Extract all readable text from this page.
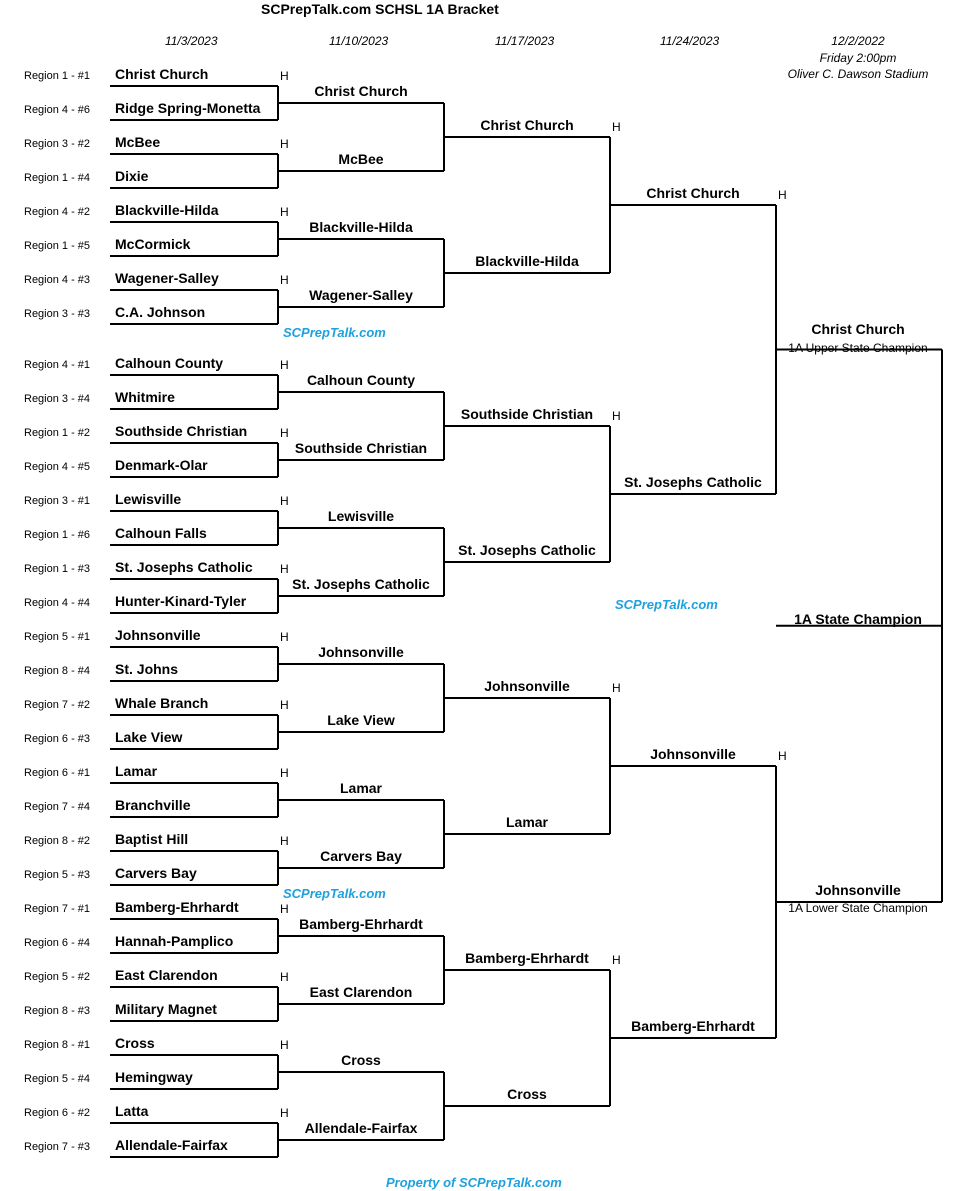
SCPrepTalk.com SCHSL 1A Bracket
11/3/2023	11/10/2023	11/17/2023	11/24/2023	12/2/2022
Friday 2:00pm
Oliver C. Dawson Stadium
Region 1 - #1 Christ Church	H
Region 4 - #6 Ridge Spring-Monetta
Region 3 - #2 McBee	H
Region 1 - #4 Dixie
Region 4 - #2 Blackville-Hilda	H
Region 1 - #5 McCormick
Region 4 - #3 Wagener-Salley	H
Region 3 - #3 C.A. Johnson
Region 4 - #1 Calhoun County	H
Region 3 - #4 Whitmire
Region 1 - #2 Southside Christian	H
Region 4 - #5 Denmark-Olar
Region 3 - #1 Lewisville	H
Region 1 - #6 Calhoun Falls
Region 1 - #3 St. Josephs Catholic H
Region 4 - #4 Hunter-Kinard-Tyler
Region 5 - #1 Johnsonville	H
Region 8 - #4 St. Johns
Region 7 - #2 Whale Branch	H
Region 6 - #3 Lake View
Region 6 - #1 Lamar	H
Region 7 - #4 Branchville
Region 8 - #2 Baptist Hill	H
Region 5 - #3 Carvers Bay
Region 7 - #1 Bamberg-Ehrhardt	H
Region 6 - #4 Hannah-Pamplico
Region 5 - #2 East Clarendon	H
Region 8 - #3 Military Magnet
Region 8 - #1 Cross	H
Region 5 - #4 Hemingway
Region 6 - #2 Latta	H
Region 7 - #3 Allendale-Fairfax
Christ Church
McBee
Blackville-Hilda
Wagener-Salley
Calhoun County
Southside Christian
Lewisville
St. Josephs Catholic
Johnsonville
Lake View
Lamar
Carvers Bay
Bamberg-Ehrhardt
East Clarendon
Cross
Allendale-Fairfax
Christ Church	H
Blackville-Hilda
Southside Christian	H
St. Josephs Catholic
Johnsonville	H
Lamar
Bamberg-Ehrhardt	H
Cross
Christ Church	H
St. Josephs Catholic
Johnsonville	H
Bamberg-Ehrhardt
SCPrepTalk.com
SCPrepTalk.com
SCPrepTalk.com
Christ Church
1A Upper State Champion
1A State Champion
Johnsonville
1A Lower State Champion
Property of SCPrepTalk.com
